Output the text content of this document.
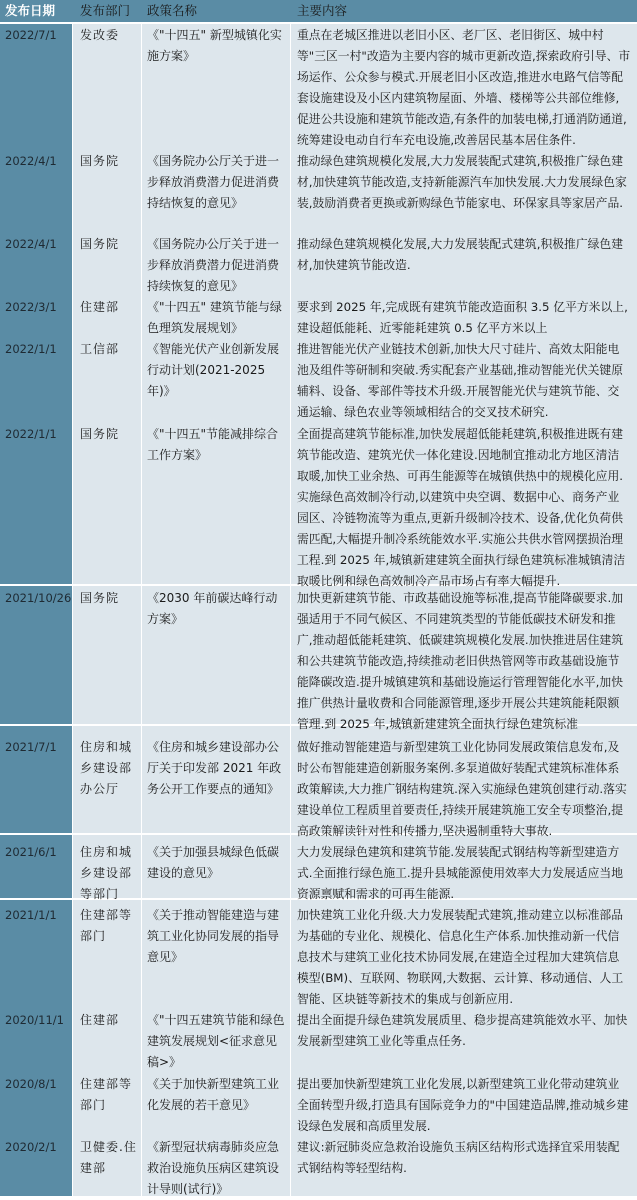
发布日期 发布部门 政策名称	主要内容
2022/7/1	发改委	《"十四五" 新型城镇化实施方案》
重点在老城区推进以老旧小区、老厂区、老旧街区、城中村等"三区一村"改造为主要内容的城市更新改造,探索政府引导、市场运作、公众参与模式.开展老旧小区改造,推进水电路气信等配套设施建设及小区内建筑物屋面、外墙、楼梯等公共部位维修,促进公共设施和建筑节能改造,有条件的加装电梯,打通消防通道,统筹建设电动自行车充电设施,改善居民基本居住条件.
2022/4/1	国务院	《国务院办公厅关于进一步释放消费潜力促进消费持结恢复的意见》
推动绿色建筑规模化发展,大力发展装配式建筑,积极推广绿色建材,加快建筑节能改造,支持新能源汽车加快发展.大力发展绿色家装,鼓励消费者更换或新购绿色节能家电、环保家具等家居产品.
2022/4/1	国务院	《国务院办公厅关于进一步释放消费潜力促进消费持续恢复的意见》
推动绿色建筑规模化发展,大力发展装配式建筑,积极推广绿色建材,加快建筑节能改造.
2022/3/1	住建部	《"十四五" 建筑节能与绿色理筑发展规划》
要求到 2025 年,完成既有建筑节能改造面积 3.5 亿平方米以上,建设超低能耗、近零能耗建筑 0.5 亿平方米以上
2022/1/1	工信部	《智能光伏产业创新发展行动计划(2021-2025 年)》
推进智能光伏产业链技术创新,加快大尺寸硅片、高效太阳能电池及组件等研制和突破.秀实配套产业基础,推动智能光伏关键原辅料、设备、零部件等技术升级.开展智能光伏与建筑节能、交通运输、绿色农业等领域相结合的交叉技术研究.
2022/1/1	国务院	《"十四五"节能减排综合工作方案》
全面提高建筑节能标准,加快发展超低能耗建筑,积极推进既有建筑节能改造、建筑光伏一体化建设.因地制宜推动北方地区清洁取暖,加快工业余热、可再生能源等在城镇供热中的规模化应用.实施绿色高效制冷行动,以建筑中央空调、数据中心、商务产业园区、冷链物流等为重点,更新升级制冷技术、设备,优化负荷供需匹配,大幅提升制冷系统能效水平.实施公共供水管网摆损治理工程.到 2025 年,城镇新建建筑全面执行绿色建筑标准城镇清洁取暖比例和绿色高效制冷产品市场占有率大幅提升.
2021/10/26 国务院	《2030 年前碳达峰行动方案》
加快更新建筑节能、市政基础设施等标准,提高节能降碳要求.加强适用于不同气候区、不同建筑类型的节能低碳技术研发和推广,推动超低能耗建筑、低碳建筑规模化发展.加快推进居住建筑和公共建筑节能改造,持续推动老旧供热管网等市政基础设施节能降碳改造.提升城镇建筑和基础设施运行管理智能化水平,加快推广供热计量收费和合同能源管理,逐步开展公共建筑能耗限额管理.到 2025 年,城镇新建建筑全面执行绿色建筑标准
2021/7/1	住房和城乡建设部办公厅
《住房和城乡建设部办公厅关于印发部 2021 年政务公开工作要点的通知》
做好推动智能建造与新型建筑工业化协同发展政策信息发布,及时公布智能建造创新服务案例.多泵道做好装配式建筑标准体系政策解读,大力推广钢结构建筑.深入实施绿色建筑创建行动.落实建设单位工程质里首要责任,持续开展建筑施工安全专项整治,提高政策解读针对性和传播力,坚决遏制重特大事故.
2021/6/1	住房和城乡建设部等部门
《关于加强县城绿色低碳建设的意见》
大力发展绿色建筑和建筑节能.发展装配式钢结构等新型建造方式.全面推行绿色施工.提升县城能源使用效率大力发展适应当地资源禀赋和需求的可再生能源.
2021/1/1	住建部等部门
《关于推动智能建造与建筑工业化协同发展的指导意见》
加快建筑工业化升级.大力发展装配式建筑,推动建立以标准部品为基础的专业化、规模化、信息化生产体系.加快推动新一代信息技术与建筑工业化技术协同发展,在建造全过程加大建筑信息模型(BM)、互联网、物联网,大数据、云计算、移动通信、人工智能、区块链等新技术的集成与创新应用.
2020/11/1	住建部	《"十四五建筑节能和绿色建筑发展规划<征求意见稿>》
提出全面提升绿色建筑发展质里、稳步提高建筑能效水平、加快发展新型建筑工业化等重点任务.
2020/8/1	住建部等部门
《关于加快新型建筑工业化发展的若干意见》
提出要加快新型建筑工业化发展,以新型建筑工业化带动建筑业全面转型升级,打造具有国际竞争力的"中国建造品牌,推动城乡建设绿色发展和高质里发展.
2020/2/1	卫健委.住建部
《新型冠状病毒肺炎应急救治设施负压病区建筑设计导则(试行)》
建议:新冠肺炎应急救治设施负玉病区结构形式选择宜采用装配式钢结构等轻型结构.
